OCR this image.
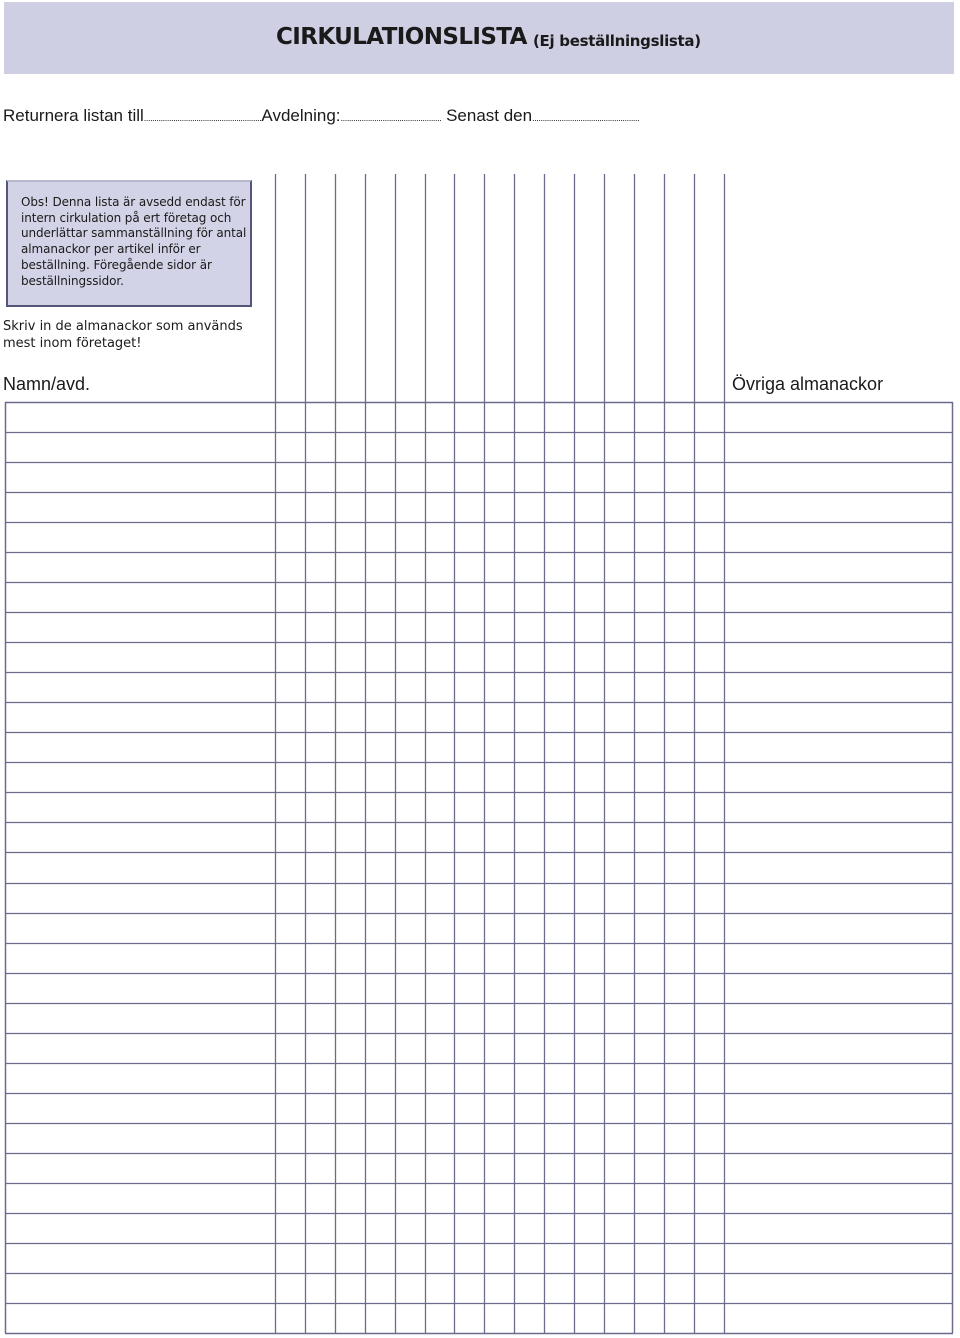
CIRKULATIONSLISTA (Ej beställningslista)
Returnera listan till........................................................Avdelning:................................................ Senast den...................................................
Obs! Denna lista är avsedd endast för intern cirkulation på ert företag och underlättar sammanställning för antal almanackor per artikel inför er beställning. Föregående sidor är beställningssidor.
Skriv in de almanackor som används mest inom företaget!
Namn/avd.	Övriga almanackor
